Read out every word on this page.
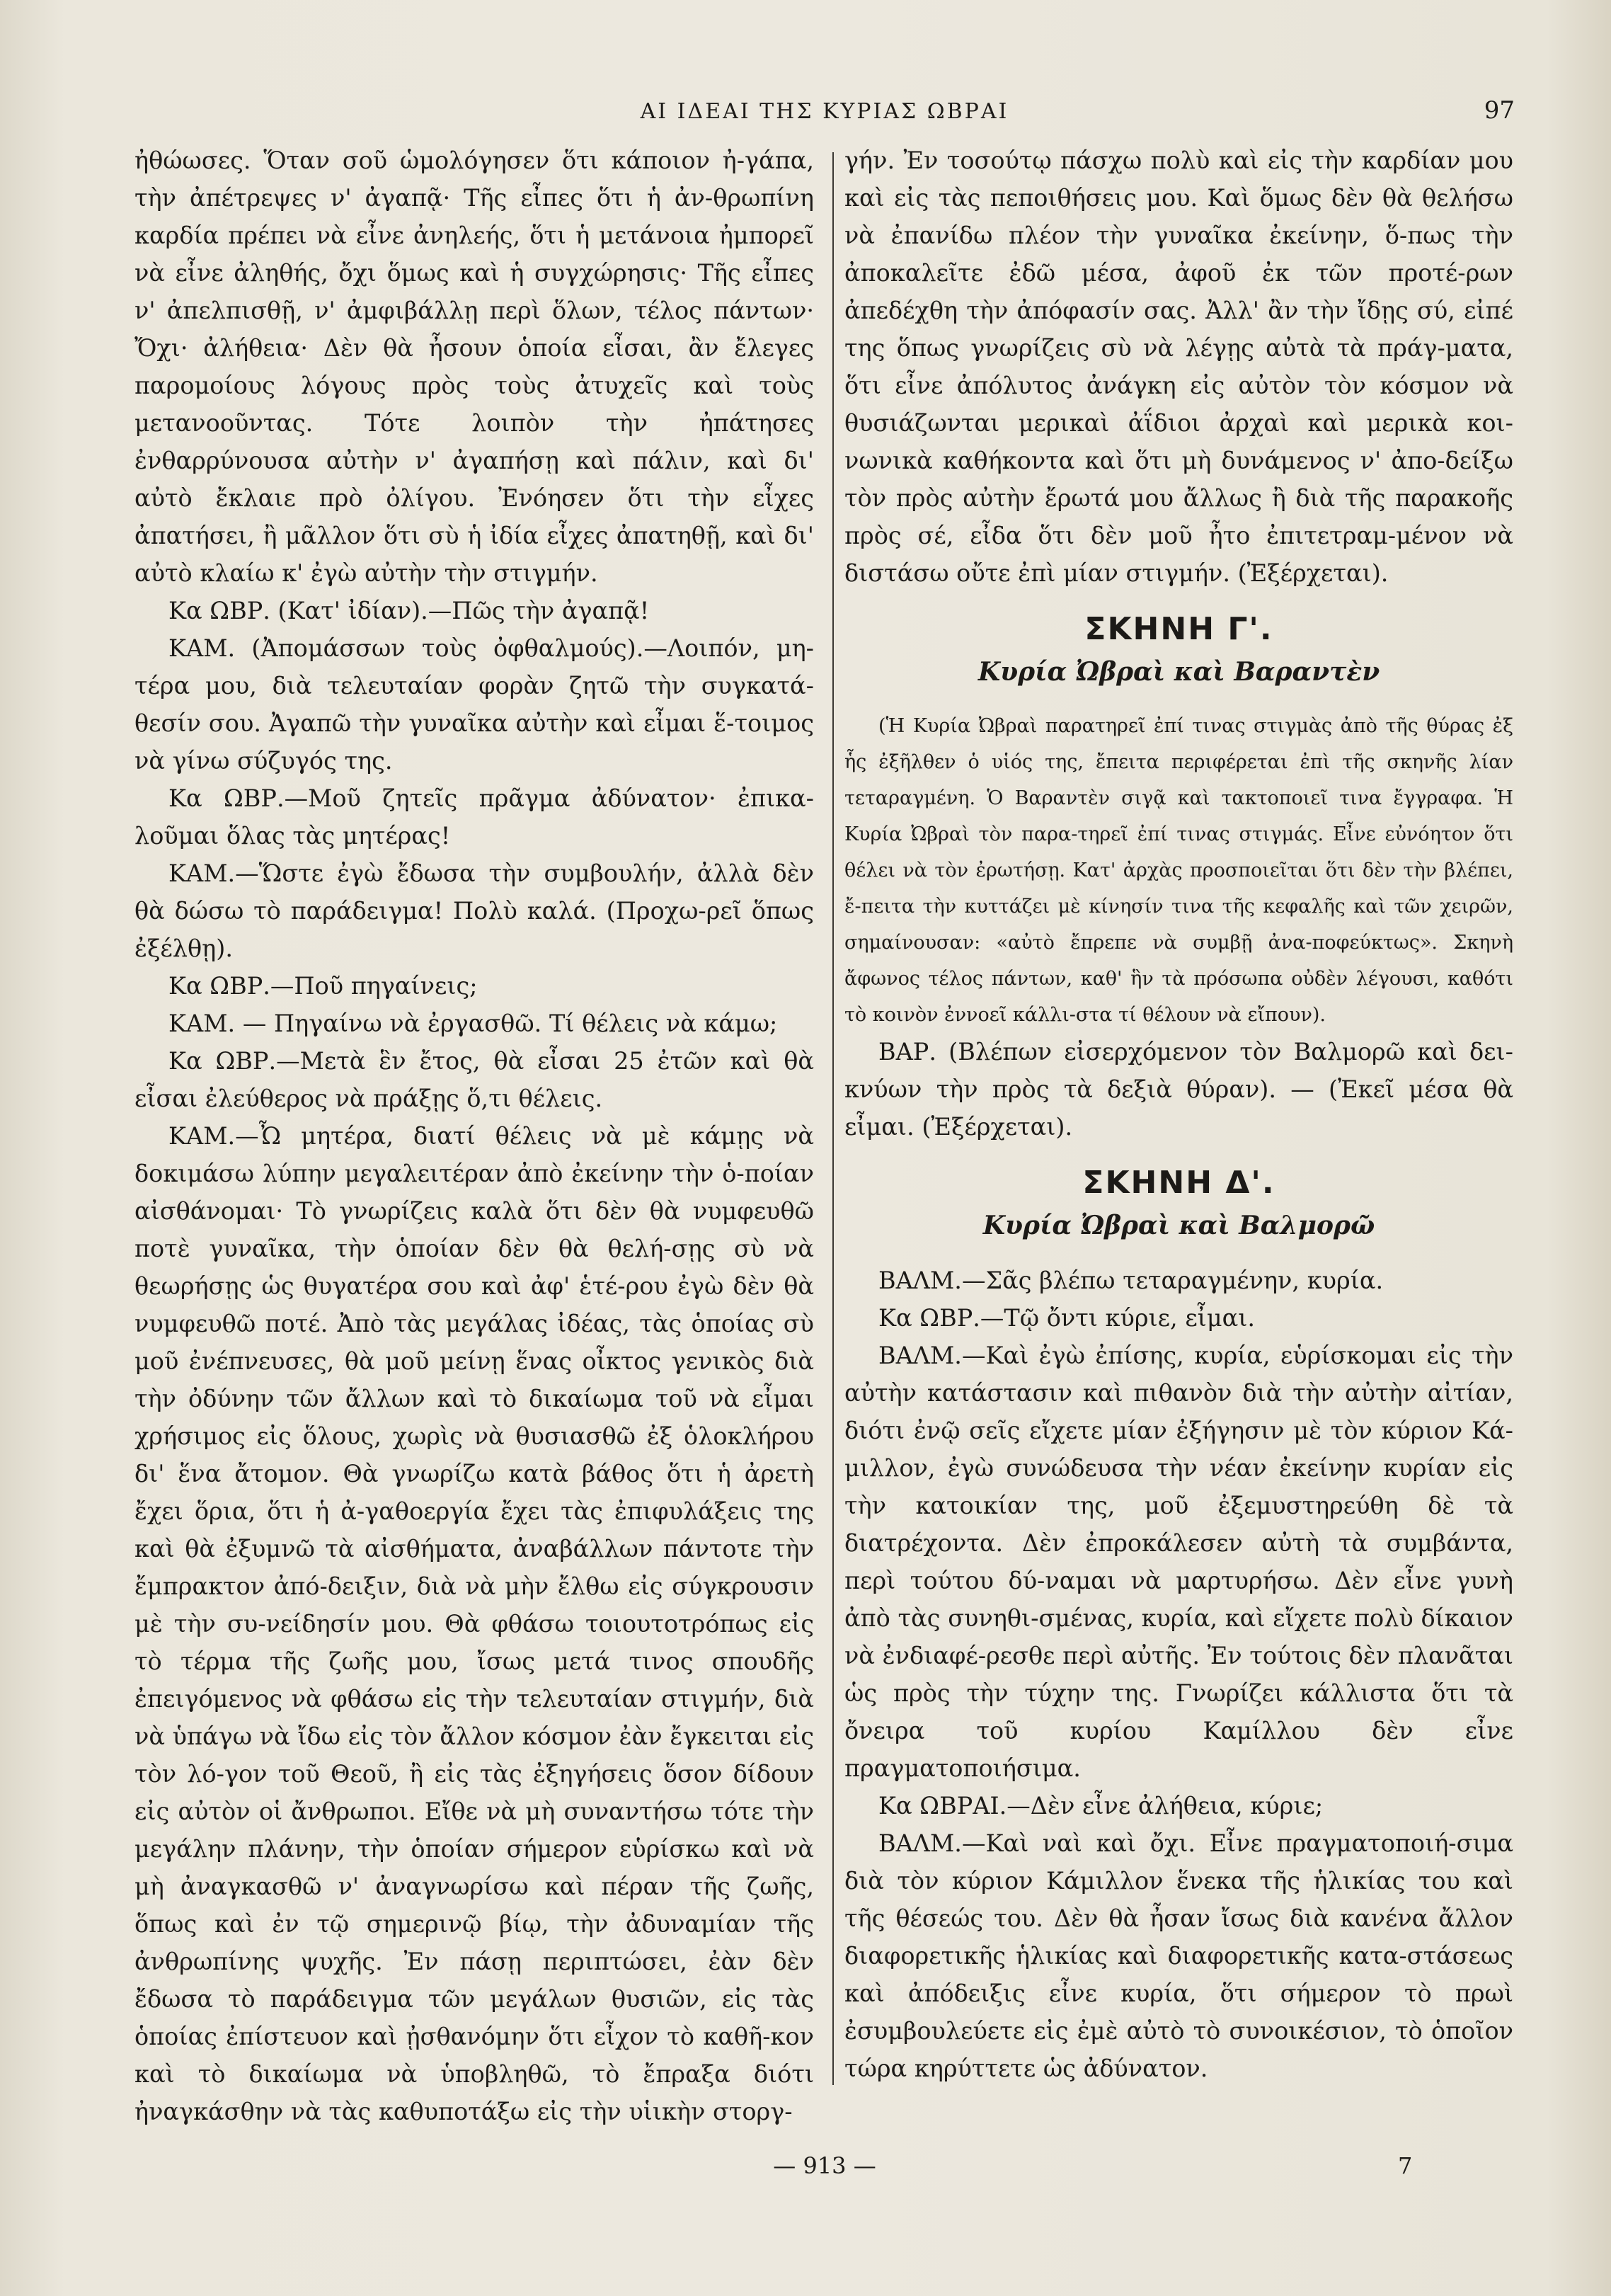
ΑΙ ΙΔΕΑΙ ΤΗΣ ΚΥΡΙΑΣ ΩΒΡΑΙ	97

ἠθώωσες. Ὅταν σοῦ ὡμολόγησεν ὅτι κάποιον ἠ-γάπα, τὴν ἀπέτρεψες ν' ἀγαπᾷ· Τῆς εἶπες ὅτι ἡ ἀν-θρωπίνη καρδία πρέπει νὰ εἶνε ἀνηλεής, ὅτι ἡ μετάνοια ἠμπορεῖ νὰ εἶνε ἀληθής, ὄχι ὅμως καὶ ἡ συγχώρησις· Τῆς εἶπες ν' ἀπελπισθῇ, ν' ἀμφιβάλλῃ περὶ ὅλων, τέλος πάντων· Ὄχι· ἀλήθεια· Δὲν θὰ ἦσουν ὁποία εἶσαι, ἂν ἔλεγες παρομοίους λόγους πρὸς τοὺς ἀτυχεῖς καὶ τοὺς μετανοοῦντας. Τότε λοιπὸν τὴν ἠπάτησες ἐνθαρρύνουσα αὐτὴν ν' ἀγαπήσῃ καὶ πάλιν, καὶ δι' αὐτὸ ἔκλαιε πρὸ ὀλίγου. Ἐνόησεν ὅτι τὴν εἶχες ἀπατήσει, ἢ μᾶλλον ὅτι σὺ ἡ ἰδία εἶχες ἀπατηθῇ, καὶ δι' αὐτὸ κλαίω κ' ἐγὼ αὐτὴν τὴν στιγμήν.

Κα ΩΒΡ. (Κατ' ἰδίαν).—Πῶς τὴν ἀγαπᾷ!

ΚΑΜ. (Ἀπομάσσων τοὺς ὀφθαλμούς).—Λοιπόν, μη-τέρα μου, διὰ τελευταίαν φορὰν ζητῶ τὴν συγκατά-θεσίν σου. Ἀγαπῶ τὴν γυναῖκα αὐτὴν καὶ εἶμαι ἕ-τοιμος νὰ γίνω σύζυγός της.

Κα ΩΒΡ.—Μοῦ ζητεῖς πρᾶγμα ἀδύνατον· ἐπικα-λοῦμαι ὅλας τὰς μητέρας!

ΚΑΜ.—Ὥστε ἐγὼ ἔδωσα τὴν συμβουλήν, ἀλλὰ δὲν θὰ δώσω τὸ παράδειγμα! Πολὺ καλά. (Προχω-ρεῖ ὅπως ἐξέλθῃ).

Κα ΩΒΡ.—Ποῦ πηγαίνεις;

ΚΑΜ. — Πηγαίνω νὰ ἐργασθῶ. Τί θέλεις νὰ κάμω;

Κα ΩΒΡ.—Μετὰ ἓν ἔτος, θὰ εἶσαι 25 ἐτῶν καὶ θὰ εἶσαι ἐλεύθερος νὰ πράξῃς ὅ,τι θέλεις.

ΚΑΜ.—Ὦ μητέρα, διατί θέλεις νὰ μὲ κάμῃς νὰ δοκιμάσω λύπην μεγαλειτέραν ἀπὸ ἐκείνην τὴν ὁ-ποίαν αἰσθάνομαι· Τὸ γνωρίζεις καλὰ ὅτι δὲν θὰ νυμφευθῶ ποτὲ γυναῖκα, τὴν ὁποίαν δὲν θὰ θελή-σῃς σὺ νὰ θεωρήσῃς ὡς θυγατέρα σου καὶ ἀφ' ἑτέ-ρου ἐγὼ δὲν θὰ νυμφευθῶ ποτέ. Ἀπὸ τὰς μεγάλας ἰδέας, τὰς ὁποίας σὺ μοῦ ἐνέπνευσες, θὰ μοῦ μείνῃ ἕνας οἶκτος γενικὸς διὰ τὴν ὀδύνην τῶν ἄλλων καὶ τὸ δικαίωμα τοῦ νὰ εἶμαι χρήσιμος εἰς ὅλους, χωρὶς νὰ θυσιασθῶ ἐξ ὁλοκλήρου δι' ἕνα ἄτομον. Θὰ γνωρίζω κατὰ βάθος ὅτι ἡ ἀρετὴ ἔχει ὅρια, ὅτι ἡ ἀ-γαθοεργία ἔχει τὰς ἐπιφυλάξεις της καὶ θὰ ἐξυμνῶ τὰ αἰσθήματα, ἀναβάλλων πάντοτε τὴν ἔμπρακτον ἀπό-δειξιν, διὰ νὰ μὴν ἔλθω εἰς σύγκρουσιν μὲ τὴν συ-νείδησίν μου. Θὰ φθάσω τοιουτοτρόπως εἰς τὸ τέρμα τῆς ζωῆς μου, ἴσως μετά τινος σπουδῆς ἐπειγόμενος νὰ φθάσω εἰς τὴν τελευταίαν στιγμήν, διὰ νὰ ὑπάγω νὰ ἴδω εἰς τὸν ἄλλον κόσμον ἐὰν ἔγκειται εἰς τὸν λό-γον τοῦ Θεοῦ, ἢ εἰς τὰς ἐξηγήσεις ὅσον δίδουν εἰς αὐτὸν οἱ ἄνθρωποι. Εἴθε νὰ μὴ συναντήσω τότε τὴν μεγάλην πλάνην, τὴν ὁποίαν σήμερον εὑρίσκω καὶ νὰ μὴ ἀναγκασθῶ ν' ἀναγνωρίσω καὶ πέραν τῆς ζωῆς, ὅπως καὶ ἐν τῷ σημερινῷ βίῳ, τὴν ἀδυναμίαν τῆς ἀνθρωπίνης ψυχῆς. Ἐν πάσῃ περιπτώσει, ἐὰν δὲν ἔδωσα τὸ παράδειγμα τῶν μεγάλων θυσιῶν, εἰς τὰς ὁποίας ἐπίστευον καὶ ᾐσθανόμην ὅτι εἶχον τὸ καθῆ-κον καὶ τὸ δικαίωμα νὰ ὑποβληθῶ, τὸ ἔπραξα διότι ἠναγκάσθην νὰ τὰς καθυποτάξω εἰς τὴν υἱικὴν στοργ-

γήν. Ἐν τοσούτῳ πάσχω πολὺ καὶ εἰς τὴν καρδίαν μου καὶ εἰς τὰς πεποιθήσεις μου. Καὶ ὅμως δὲν θὰ θελήσω νὰ ἐπανίδω πλέον τὴν γυναῖκα ἐκείνην, ὅ-πως τὴν ἀποκαλεῖτε ἐδῶ μέσα, ἀφοῦ ἐκ τῶν προτέ-ρων ἀπεδέχθη τὴν ἀπόφασίν σας. Ἀλλ' ἂν τὴν ἴδῃς σύ, εἰπέ της ὅπως γνωρίζεις σὺ νὰ λέγῃς αὐτὰ τὰ πράγ-ματα, ὅτι εἶνε ἀπόλυτος ἀνάγκη εἰς αὐτὸν τὸν κόσμον νὰ θυσιάζωνται μερικαὶ ἀΐδιοι ἀρχαὶ καὶ μερικὰ κοι-νωνικὰ καθήκοντα καὶ ὅτι μὴ δυνάμενος ν' ἀπο-δείξω τὸν πρὸς αὐτὴν ἔρωτά μου ἄλλως ἢ διὰ τῆς παρακοῆς πρὸς σέ, εἶδα ὅτι δὲν μοῦ ἦτο ἐπιτετραμ-μένον νὰ διστάσω οὔτε ἐπὶ μίαν στιγμήν. (Ἐξέρχεται).

ΣΚΗΝΗ Γ'.
Κυρία Ὠβραὶ καὶ Βαραντὲν

(Ἡ Κυρία Ὠβραὶ παρατηρεῖ ἐπί τινας στιγμὰς ἀπὸ τῆς θύρας ἐξ ἧς ἐξῆλθεν ὁ υἱός της, ἔπειτα περιφέρεται ἐπὶ τῆς σκηνῆς λίαν τεταραγμένη. Ὁ Βαραντὲν σιγᾷ καὶ τακτοποιεῖ τινα ἔγγραφα. Ἡ Κυρία Ὠβραὶ τὸν παρα-τηρεῖ ἐπί τινας στιγμάς. Εἶνε εὐνόητον ὅτι θέλει νὰ τὸν ἐρωτήσῃ. Κατ' ἀρχὰς προσποιεῖται ὅτι δὲν τὴν βλέπει, ἔ-πειτα τὴν κυττάζει μὲ κίνησίν τινα τῆς κεφαλῆς καὶ τῶν χειρῶν, σημαίνουσαν: «αὐτὸ ἔπρεπε νὰ συμβῇ ἀνα-ποφεύκτως». Σκηνὴ ἄφωνος τέλος πάντων, καθ' ἣν τὰ πρόσωπα οὐδὲν λέγουσι, καθότι τὸ κοινὸν ἐννοεῖ κάλλι-στα τί θέλουν νὰ εἴπουν).

ΒΑΡ. (Βλέπων εἰσερχόμενον τὸν Βαλμορῶ καὶ δει-κνύων τὴν πρὸς τὰ δεξιὰ θύραν). — (Ἐκεῖ μέσα θὰ εἶμαι. (Ἐξέρχεται).

ΣΚΗΝΗ Δ'.
Κυρία Ὠβραὶ καὶ Βαλμορῶ

ΒΑΛΜ.—Σᾶς βλέπω τεταραγμένην, κυρία.

Κα ΩΒΡ.—Τῷ ὄντι κύριε, εἶμαι.

ΒΑΛΜ.—Καὶ ἐγὼ ἐπίσης, κυρία, εὑρίσκομαι εἰς τὴν αὐτὴν κατάστασιν καὶ πιθανὸν διὰ τὴν αὐτὴν αἰτίαν, διότι ἐνῷ σεῖς εἴχετε μίαν ἐξήγησιν μὲ τὸν κύριον Κά-μιλλον, ἐγὼ συνώδευσα τὴν νέαν ἐκείνην κυρίαν εἰς τὴν κατοικίαν της, μοῦ ἐξεμυστηρεύθη δὲ τὰ διατρέχοντα. Δὲν ἐπροκάλεσεν αὐτὴ τὰ συμβάντα, περὶ τούτου δύ-ναμαι νὰ μαρτυρήσω. Δὲν εἶνε γυνὴ ἀπὸ τὰς συνηθι-σμένας, κυρία, καὶ εἴχετε πολὺ δίκαιον νὰ ἐνδιαφέ-ρεσθε περὶ αὐτῆς. Ἐν τούτοις δὲν πλανᾶται ὡς πρὸς τὴν τύχην της. Γνωρίζει κάλλιστα ὅτι τὰ ὄνειρα τοῦ κυρίου Καμίλλου δὲν εἶνε πραγματοποιήσιμα.

Κα ΩΒΡΑΙ.—Δὲν εἶνε ἀλήθεια, κύριε;

ΒΑΛΜ.—Καὶ ναὶ καὶ ὄχι. Εἶνε πραγματοποιή-σιμα διὰ τὸν κύριον Κάμιλλον ἕνεκα τῆς ἡλικίας του καὶ τῆς θέσεώς του. Δὲν θὰ ἦσαν ἴσως διὰ κανένα ἄλλον διαφορετικῆς ἡλικίας καὶ διαφορετικῆς κατα-στάσεως καὶ ἀπόδειξις εἶνε κυρία, ὅτι σήμερον τὸ πρωὶ ἐσυμβουλεύετε εἰς ἐμὲ αὐτὸ τὸ συνοικέσιον, τὸ ὁποῖον τώρα κηρύττετε ὡς ἀδύνατον.

— 913 —	7
